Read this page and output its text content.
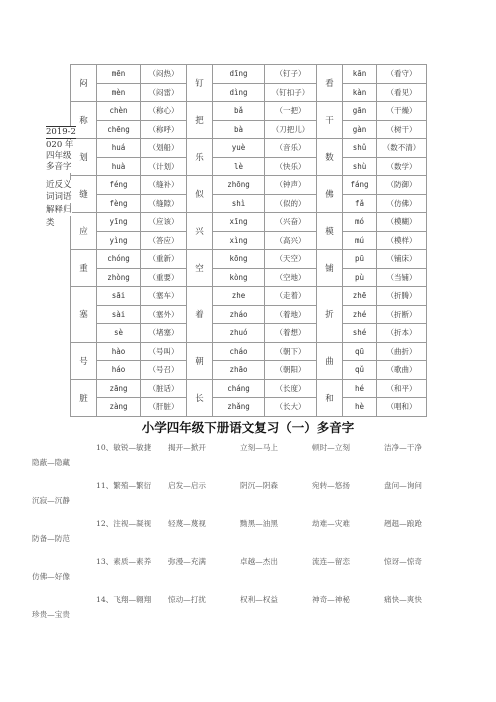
闷	mēn	（闷热）	钉	dīng	（钉子）	看	kān	（看守）
	mèn	（闷雷）		dìng	（钉扣子）		kàn	（看见）
称	chèn	（称心）	把	bǎ	（一把）	干	gān	（干燥）
	chēng	（称呼）		bà	（刀把儿）		gàn	（树干）
划	huá	（划船）	乐	yuè	（音乐）	数	shǔ	（数不清）
	huà	（计划）		lè	（快乐）		shù	（数学）
缝	féng	（缝补）	似	zhōng	（钟声）	佛	fáng	（防御）
	fèng	（缝隙）		shì	（似的）		fǎ	（仿佛）
应	yīng	（应该）	兴	xīng	（兴奋）	模	mó	（模糊）
	yìng	（答应）		xìng	（高兴）		mú	（模样）
重	chóng	（重新）	空	kōng	（天空）	铺	pū	（铺床）
	zhòng	（重要）		kòng	（空地）		pù	（当铺）
塞	sāi	（塞车）	着	zhe	（走着）	折	zhē	（折腾）
	sài	（塞外）		zháo	（着地）		zhé	（折断）
	sè	（堵塞）		zhuó	（着想）		shé	（折本）
号	hào	（号叫）	朝	cháo	（朝下）	曲	qū	（曲折）
	háo	（号召）		zhāo	（朝阳）		qǔ	（歌曲）
脏	zāng	（脏话）	长	cháng	（长度）	和	hé	（和平）
	zàng	（肝脏）		zhǎng	（长大）		hè	（唱和）
2019-2
020 年
四年级
多音字
近反义
词词语
解释归
类
小学四年级下册语文复习（一）多音字
10、敏锐—敏捷	揭开—掀开	立刻—马上	顿时—立刻	洁净—干净
隐蔽—隐藏
11、繁殖—繁衍	启发—启示	阴沉—阴森	宛转—悠扬	盘问—询问
沉寂—沉静
12、注视—凝视	轻蔑—蔑视	黝黑—油黑	劫难—灾难	趔趄—踉跄
防备—防范
13、素质—素养	弥漫—充满	卓越—杰出	流连—留恋	惊讶—惊奇
仿佛—好像
14、飞翔—翱翔	惊动—打扰	权利—权益	神奇—神秘	痛快—爽快
珍贵—宝贵
